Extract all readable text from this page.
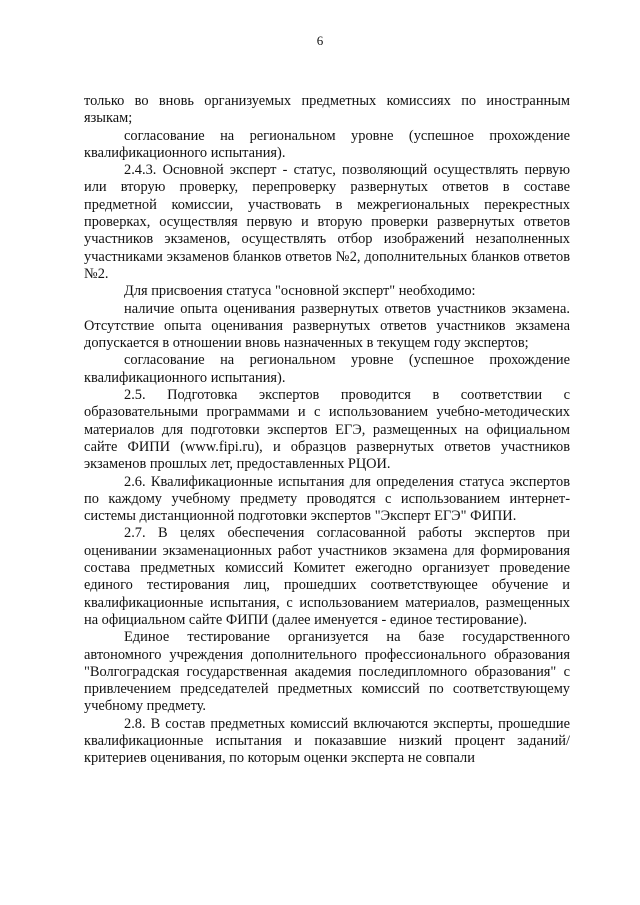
6

только во вновь организуемых предметных комиссиях по иностранным языкам;

согласование на региональном уровне (успешное прохождение квалификационного испытания).

2.4.3. Основной эксперт - статус, позволяющий осуществлять первую или вторую проверку, перепроверку развернутых ответов в составе предметной комиссии, участвовать в межрегиональных перекрестных проверках, осуществляя первую и вторую проверки развернутых ответов участников экзаменов, осуществлять отбор изображений незаполненных участниками экзаменов бланков ответов №2, дополнительных бланков ответов №2.

Для присвоения статуса "основной эксперт" необходимо:

наличие опыта оценивания развернутых ответов участников экзамена. Отсутствие опыта оценивания развернутых ответов участников экзамена допускается в отношении вновь назначенных в текущем году экспертов;

согласование на региональном уровне (успешное прохождение квалификационного испытания).

2.5. Подготовка экспертов проводится в соответствии с образовательными программами и с использованием учебно-методических материалов для подготовки экспертов ЕГЭ, размещенных на официальном сайте ФИПИ (www.fipi.ru), и образцов развернутых ответов участников экзаменов прошлых лет, предоставленных РЦОИ.

2.6. Квалификационные испытания для определения статуса экспертов по каждому учебному предмету проводятся с использованием интернет-системы дистанционной подготовки экспертов "Эксперт ЕГЭ" ФИПИ.

2.7. В целях обеспечения согласованной работы экспертов при оценивании экзаменационных работ участников экзамена для формирования состава предметных комиссий Комитет ежегодно организует проведение единого тестирования лиц, прошедших соответствующее обучение и квалификационные испытания, с использованием материалов, размещенных на официальном сайте ФИПИ (далее именуется - единое тестирование).

Единое тестирование организуется на базе государственного автономного учреждения дополнительного профессионального образования "Волгоградская государственная академия последипломного образования" с привлечением председателей предметных комиссий по соответствующему учебному предмету.

2.8. В состав предметных комиссий включаются эксперты, прошедшие квалификационные испытания и показавшие низкий процент заданий/критериев оценивания, по которым оценки эксперта не совпали
